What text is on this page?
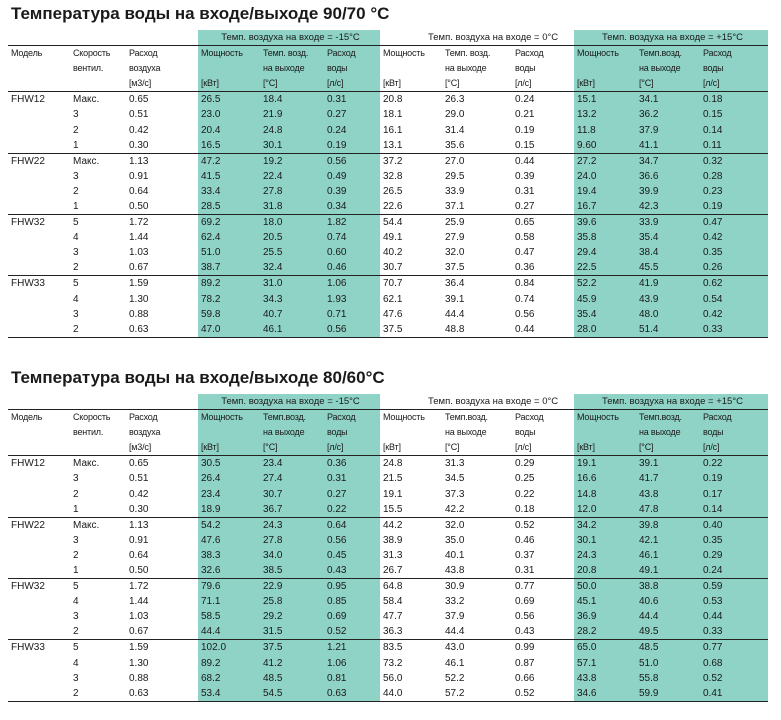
Температура воды на входе/выходе 90/70 °C
			Темп. воздуха на входе = -15°C			Темп. воздуха на входе = 0°C			Темп. воздуха на входе = +15°C		
Модель	Скорость	Расход	Мощность	Темп. возд.	Расход	Мощность	Темп. возд.	Расход	Мощность	Темп.возд.	Расход
	вентил.	воздуха		на выходе	воды		на выходе	воды		на выходе	воды
		[м3/с]	[кВт]	[°C]	[л/с]	[кВт]	[°C]	[л/с]	[кВт]	[°C]	[л/с]
FHW12	Макс.	0.65	26.5	18.4	0.31	20.8	26.3	0.24	15.1	34.1	0.18
	3	0.51	23.0	21.9	0.27	18.1	29.0	0.21	13.2	36.2	0.15
	2	0.42	20.4	24.8	0.24	16.1	31.4	0.19	11.8	37.9	0.14
	1	0.30	16.5	30.1	0.19	13.1	35.6	0.15	9.60	41.1	0.11
FHW22	Макс.	1.13	47.2	19.2	0.56	37.2	27.0	0.44	27.2	34.7	0.32
	3	0.91	41.5	22.4	0.49	32.8	29.5	0.39	24.0	36.6	0.28
	2	0.64	33.4	27.8	0.39	26.5	33.9	0.31	19.4	39.9	0.23
	1	0.50	28.5	31.8	0.34	22.6	37.1	0.27	16.7	42.3	0.19
FHW32	5	1.72	69.2	18.0	1.82	54.4	25.9	0.65	39.6	33.9	0.47
	4	1.44	62.4	20.5	0.74	49.1	27.9	0.58	35.8	35.4	0.42
	3	1.03	51.0	25.5	0.60	40.2	32.0	0.47	29.4	38.4	0.35
	2	0.67	38.7	32.4	0.46	30.7	37.5	0.36	22.5	45.5	0.26
FHW33	5	1.59	89.2	31.0	1.06	70.7	36.4	0.84	52.2	41.9	0.62
	4	1.30	78.2	34.3	1.93	62.1	39.1	0.74	45.9	43.9	0.54
	3	0.88	59.8	40.7	0.71	47.6	44.4	0.56	35.4	48.0	0.42
	2	0.63	47.0	46.1	0.56	37.5	48.8	0.44	28.0	51.4	0.33
Температура воды на входе/выходе 80/60°C
			Темп. воздуха на входе = -15°C			Темп. воздуха на входе = 0°C			Темп. воздуха на входе = +15°C		
Модель	Скорость	Расход	Мощность	Темп.возд.	Расход	Мощность	Темп.возд.	Расход	Мощность	Темп.возд.	Расход
	вентил.	воздуха		на выходе	воды		на выходе	воды		на выходе	воды
		[м3/с]	[кВт]	[°C]	[л/с]	[кВт]	[°C]	[л/с]	[кВт]	[°C]	[л/с]
FHW12	Макс.	0.65	30.5	23.4	0.36	24.8	31.3	0.29	19.1	39.1	0.22
	3	0.51	26.4	27.4	0.31	21.5	34.5	0.25	16.6	41.7	0.19
	2	0.42	23.4	30.7	0.27	19.1	37.3	0.22	14.8	43.8	0.17
	1	0.30	18.9	36.7	0.22	15.5	42.2	0.18	12.0	47.8	0.14
FHW22	Макс.	1.13	54.2	24.3	0.64	44.2	32.0	0.52	34.2	39.8	0.40
	3	0.91	47.6	27.8	0.56	38.9	35.0	0.46	30.1	42.1	0.35
	2	0.64	38.3	34.0	0.45	31.3	40.1	0.37	24.3	46.1	0.29
	1	0.50	32.6	38.5	0.43	26.7	43.8	0.31	20.8	49.1	0.24
FHW32	5	1.72	79.6	22.9	0.95	64.8	30.9	0.77	50.0	38.8	0.59
	4	1.44	71.1	25.8	0.85	58.4	33.2	0.69	45.1	40.6	0.53
	3	1.03	58.5	29.2	0.69	47.7	37.9	0.56	36.9	44.4	0.44
	2	0.67	44.4	31.5	0.52	36.3	44.4	0.43	28.2	49.5	0.33
FHW33	5	1.59	102.0	37.5	1.21	83.5	43.0	0.99	65.0	48.5	0.77
	4	1.30	89.2	41.2	1.06	73.2	46.1	0.87	57.1	51.0	0.68
	3	0.88	68.2	48.5	0.81	56.0	52.2	0.66	43.8	55.8	0.52
	2	0.63	53.4	54.5	0.63	44.0	57.2	0.52	34.6	59.9	0.41
